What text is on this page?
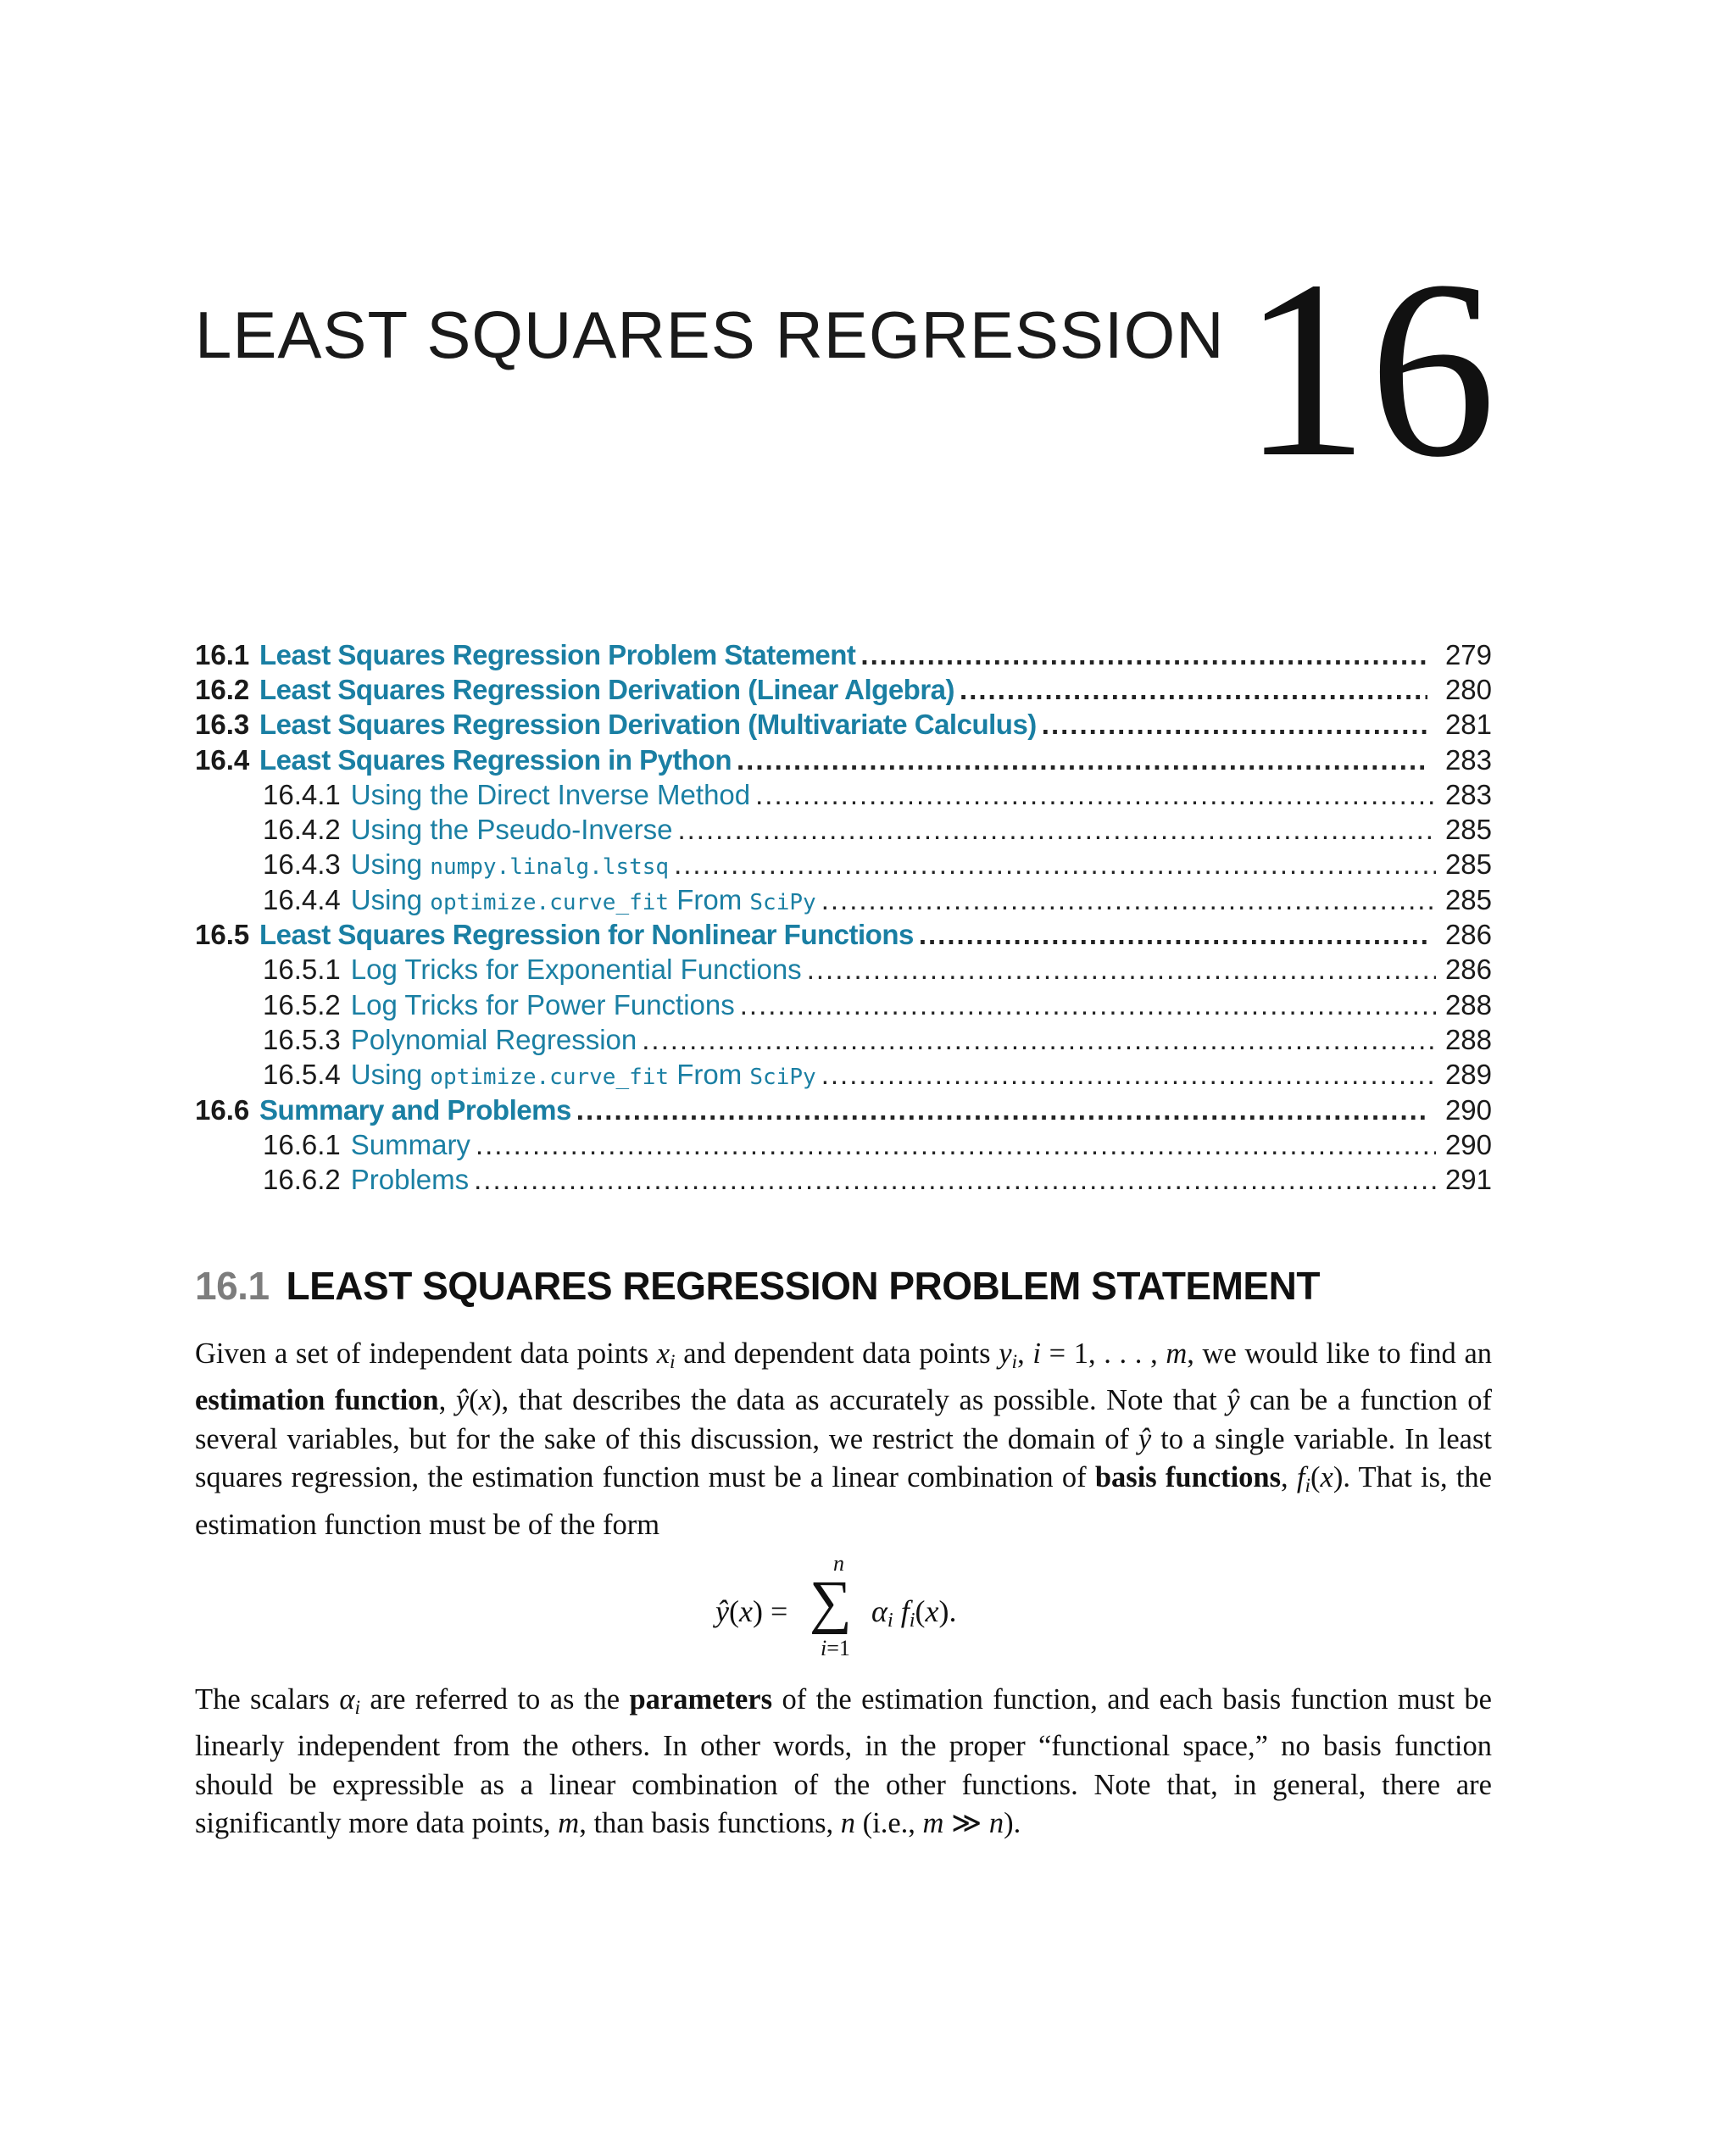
LEAST SQUARES REGRESSION 16
16.1 Least Squares Regression Problem Statement .....	279
16.2 Least Squares Regression Derivation (Linear Algebra) .....	280
16.3 Least Squares Regression Derivation (Multivariate Calculus) .....	281
16.4 Least Squares Regression in Python .....	283
16.4.1 Using the Direct Inverse Method .....	283
16.4.2 Using the Pseudo-Inverse .....	285
16.4.3 Using numpy.linalg.lstsq .....	285
16.4.4 Using optimize.curve_fit From SciPy .....	285
16.5 Least Squares Regression for Nonlinear Functions .....	286
16.5.1 Log Tricks for Exponential Functions .....	286
16.5.2 Log Tricks for Power Functions .....	288
16.5.3 Polynomial Regression .....	288
16.5.4 Using optimize.curve_fit From SciPy .....	289
16.6 Summary and Problems .....	290
16.6.1 Summary .....	290
16.6.2 Problems .....	291
16.1 LEAST SQUARES REGRESSION PROBLEM STATEMENT
Given a set of independent data points $x_i$ and dependent data points $y_i$, i = 1, . . . , m, we would like to find an estimation function, ŷ(x), that describes the data as accurately as possible. Note that ŷ can be a function of several variables, but for the sake of this discussion, we restrict the domain of ŷ to a single variable. In least squares regression, the estimation function must be a linear combination of basis functions, $f_i(x)$. That is, the estimation function must be of the form
ŷ(x) =
n
∑
i=1
$\alpha_i$ $f_i(x)$.
The scalars $\alpha_i$ are referred to as the parameters of the estimation function, and each basis function must be linearly independent from the others. In other words, in the proper “functional space,” no basis function should be expressible as a linear combination of the other functions. Note that, in general, there are significantly more data points, m, than basis functions, n (i.e., m ≫ n).
